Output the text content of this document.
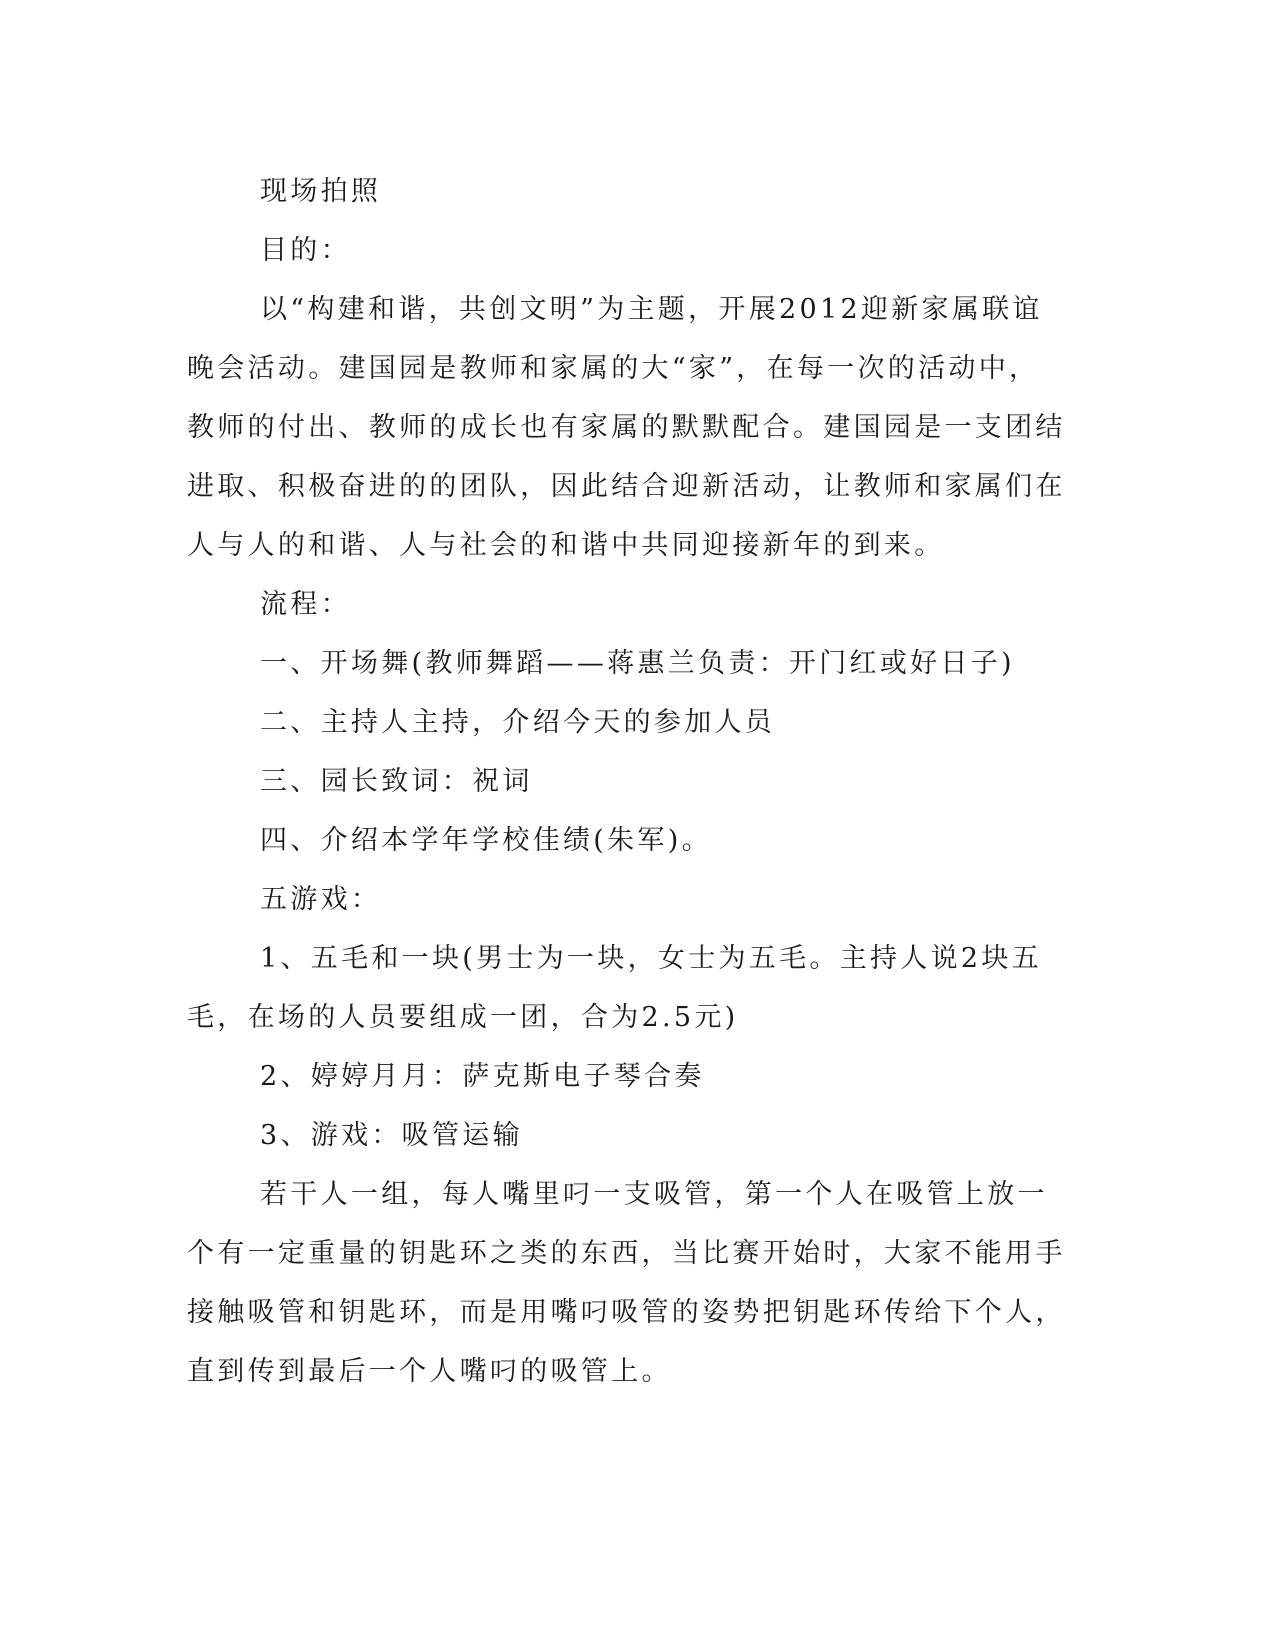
现场拍照

目的：

以“构建和谐，共创文明”为主题，开展2012迎新家属联谊晚会活动。建国园是教师和家属的大“家”，在每一次的活动中，教师的付出、教师的成长也有家属的默默配合。建国园是一支团结进取、积极奋进的的团队，因此结合迎新活动，让教师和家属们在人与人的和谐、人与社会的和谐中共同迎接新年的到来。

流程：

一、开场舞(教师舞蹈——蒋惠兰负责：开门红或好日子)

二、主持人主持，介绍今天的参加人员

三、园长致词：祝词

四、介绍本学年学校佳绩(朱军)。

五游戏：

1、五毛和一块(男士为一块，女士为五毛。主持人说2块五毛，在场的人员要组成一团，合为2.5元)

2、婷婷月月：萨克斯电子琴合奏

3、游戏：吸管运输

若干人一组，每人嘴里叼一支吸管，第一个人在吸管上放一个有一定重量的钥匙环之类的东西，当比赛开始时，大家不能用手接触吸管和钥匙环，而是用嘴叼吸管的姿势把钥匙环传给下个人，直到传到最后一个人嘴叼的吸管上。
